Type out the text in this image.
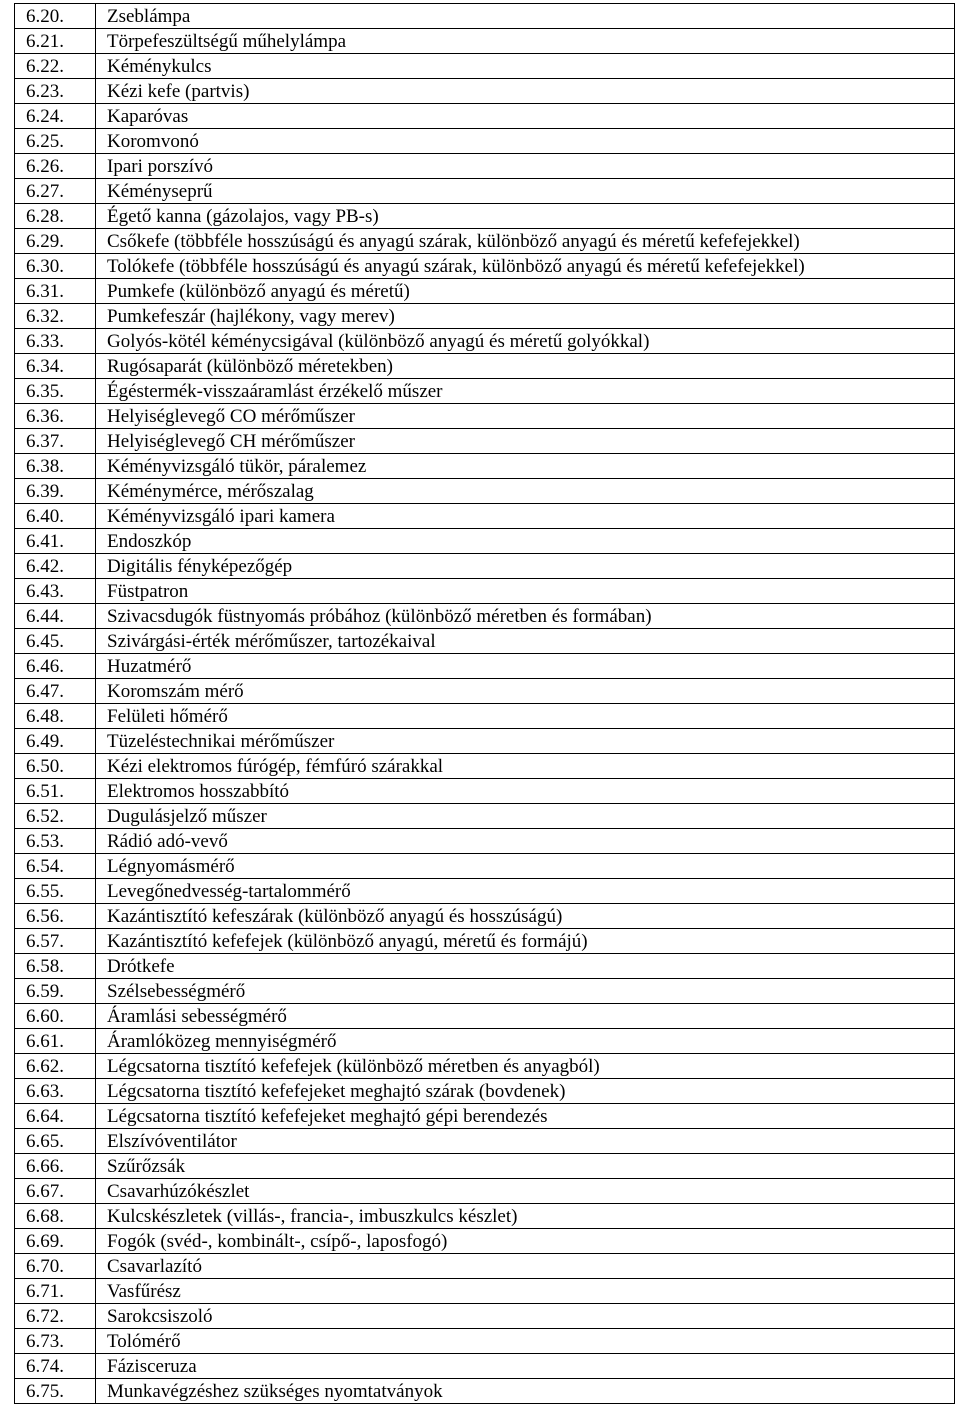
6.20.	Zseblámpa
6.21.	Törpefeszültségű műhelylámpa
6.22.	Kéménykulcs
6.23.	Kézi kefe (partvis)
6.24.	Kaparóvas
6.25.	Koromvonó
6.26.	Ipari porszívó
6.27.	Kéményseprű
6.28.	Égető kanna (gázolajos, vagy PB-s)
6.29.	Csőkefe (többféle hosszúságú és anyagú szárak, különböző anyagú és méretű kefefejekkel)
6.30.	Tolókefe (többféle hosszúságú és anyagú szárak, különböző anyagú és méretű kefefejekkel)
6.31.	Pumkefe (különböző anyagú és méretű)
6.32.	Pumkefeszár (hajlékony, vagy merev)
6.33.	Golyós-kötél kéménycsigával (különböző anyagú és méretű golyókkal)
6.34.	Rugósaparát (különböző méretekben)
6.35.	Égéstermék-visszaáramlást érzékelő műszer
6.36.	Helyiséglevegő CO mérőműszer
6.37.	Helyiséglevegő CH mérőműszer
6.38.	Kéményvizsgáló tükör, páralemez
6.39.	Kéménymérce, mérőszalag
6.40.	Kéményvizsgáló ipari kamera
6.41.	Endoszkóp
6.42.	Digitális fényképezőgép
6.43.	Füstpatron
6.44.	Szivacsdugók füstnyomás próbához (különböző méretben és formában)
6.45.	Szivárgási-érték mérőműszer, tartozékaival
6.46.	Huzatmérő
6.47.	Koromszám mérő
6.48.	Felületi hőmérő
6.49.	Tüzeléstechnikai mérőműszer
6.50.	Kézi elektromos fúrógép, fémfúró szárakkal
6.51.	Elektromos hosszabbító
6.52.	Dugulásjelző műszer
6.53.	Rádió adó-vevő
6.54.	Légnyomásmérő
6.55.	Levegőnedvesség-tartalommérő
6.56.	Kazántisztító kefeszárak (különböző anyagú és hosszúságú)
6.57.	Kazántisztító kefefejek (különböző anyagú, méretű és formájú)
6.58.	Drótkefe
6.59.	Szélsebességmérő
6.60.	Áramlási sebességmérő
6.61.	Áramlóközeg mennyiségmérő
6.62.	Légcsatorna tisztító kefefejek (különböző méretben és anyagból)
6.63.	Légcsatorna tisztító kefefejeket meghajtó szárak (bovdenek)
6.64.	Légcsatorna tisztító kefefejeket meghajtó gépi berendezés
6.65.	Elszívóventilátor
6.66.	Szűrőzsák
6.67.	Csavarhúzókészlet
6.68.	Kulcskészletek (villás-, francia-, imbuszkulcs készlet)
6.69.	Fogók (svéd-, kombinált-, csípő-, laposfogó)
6.70.	Csavarlazító
6.71.	Vasfűrész
6.72.	Sarokcsiszoló
6.73.	Tolómérő
6.74.	Fázisceruza
6.75.	Munkavégzéshez szükséges nyomtatványok
